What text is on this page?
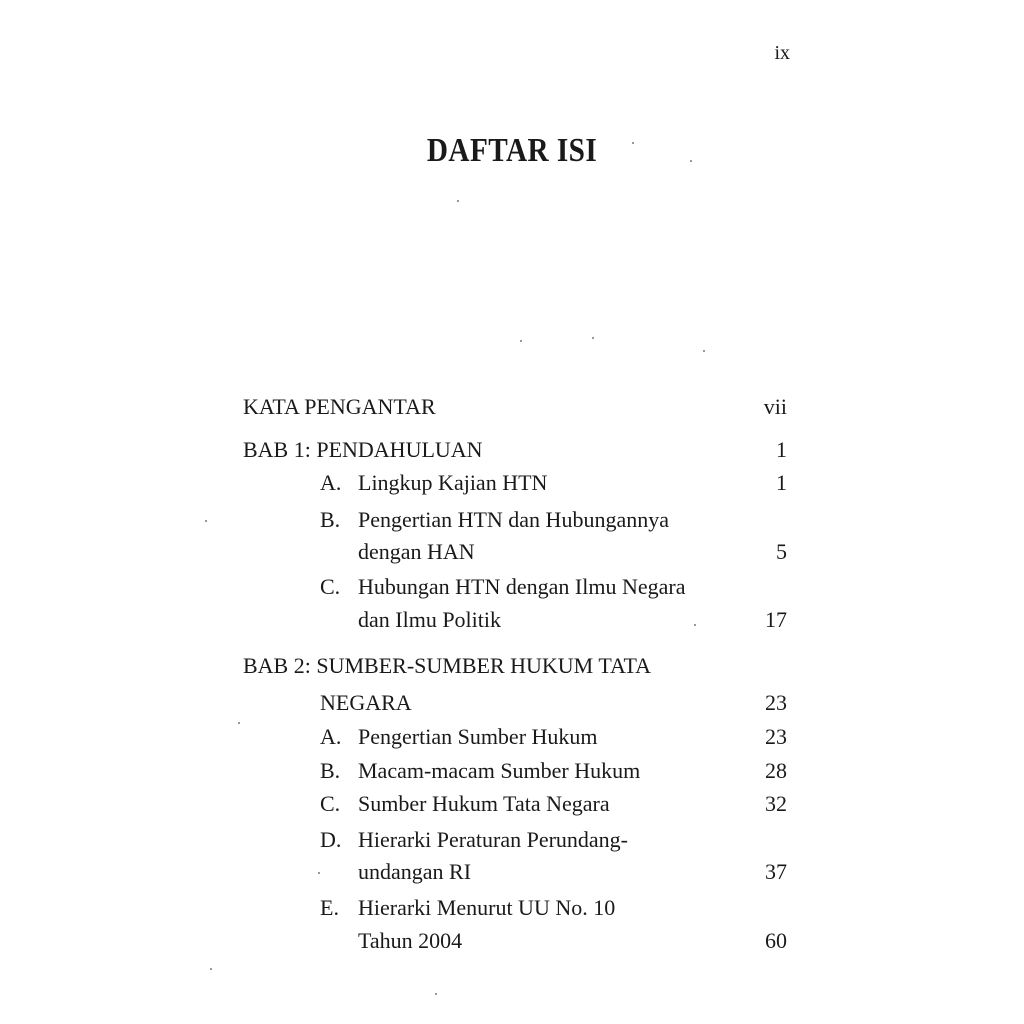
ix
DAFTAR ISI
KATA PENGANTAR	vii
BAB 1: PENDAHULUAN	1
A. Lingkup Kajian HTN	1
B. Pengertian HTN dan Hubungannya
dengan HAN	5
C. Hubungan HTN dengan Ilmu Negara
dan Ilmu Politik	17
BAB 2: SUMBER-SUMBER HUKUM TATA
NEGARA	23
A. Pengertian Sumber Hukum	23
B. Macam-macam Sumber Hukum	28
C. Sumber Hukum Tata Negara	32
D. Hierarki Peraturan Perundang-
undangan RI	37
E. Hierarki Menurut UU No. 10
Tahun 2004	60
